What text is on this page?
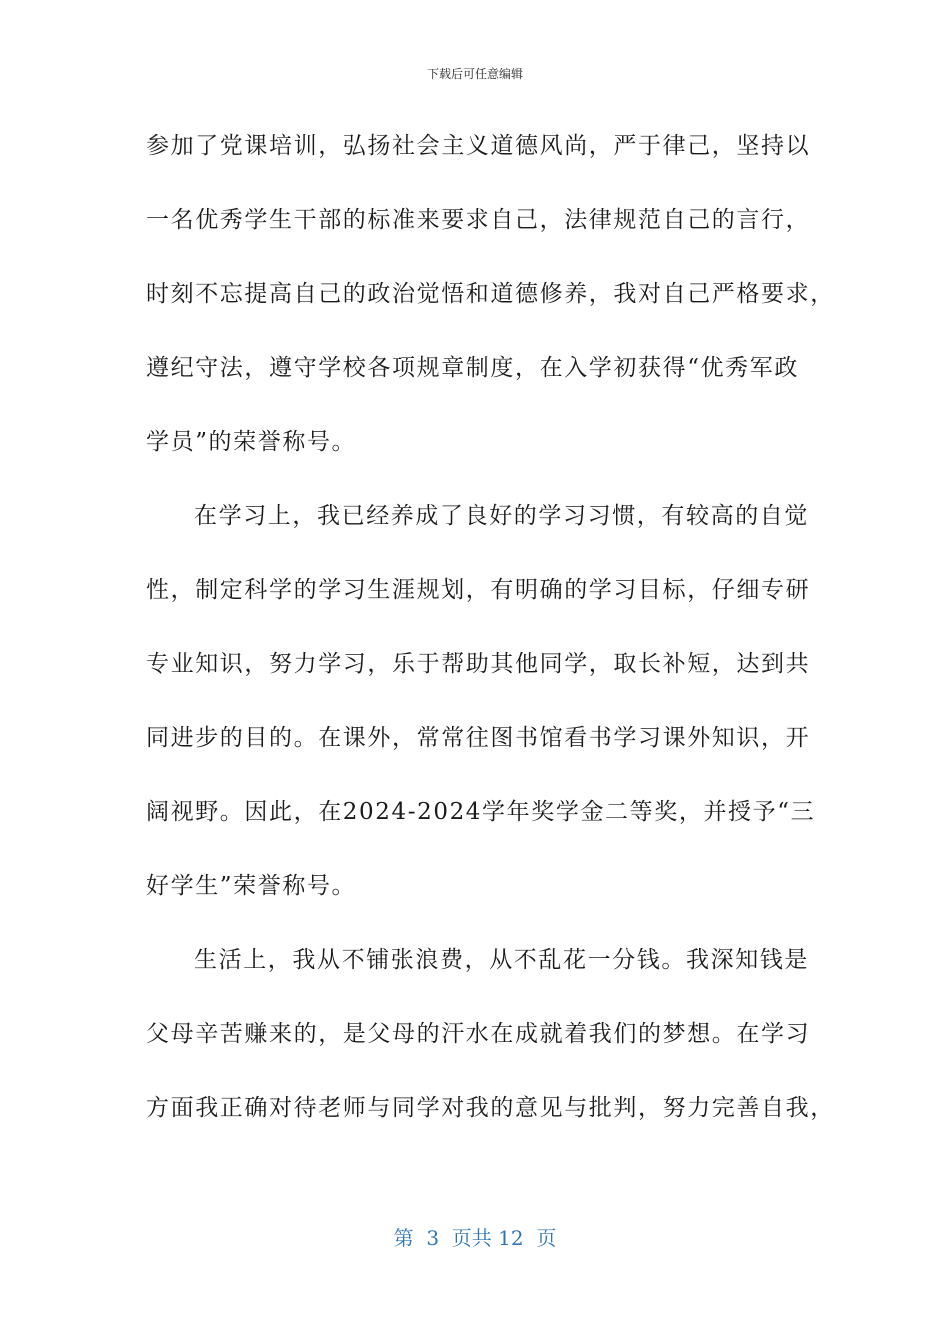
下载后可任意编辑
参加了党课培训，弘扬社会主义道德风尚，严于律己，坚持以
一名优秀学生干部的标准来要求自己，法律规范自己的言行，
时刻不忘提高自己的政治觉悟和道德修养，我对自己严格要求，
遵纪守法，遵守学校各项规章制度，在入学初获得“优秀军政
学员”的荣誉称号。
在学习上，我已经养成了良好的学习习惯，有较高的自觉
性，制定科学的学习生涯规划，有明确的学习目标，仔细专研
专业知识，努力学习，乐于帮助其他同学，取长补短，达到共
同进步的目的。在课外，常常往图书馆看书学习课外知识，开
阔视野。因此，在2024-2024学年奖学金二等奖，并授予“三
好学生”荣誉称号。
生活上，我从不铺张浪费，从不乱花一分钱。我深知钱是
父母辛苦赚来的，是父母的汗水在成就着我们的梦想。在学习
方面我正确对待老师与同学对我的意见与批判，努力完善自我，
第  3  页共 12  页
